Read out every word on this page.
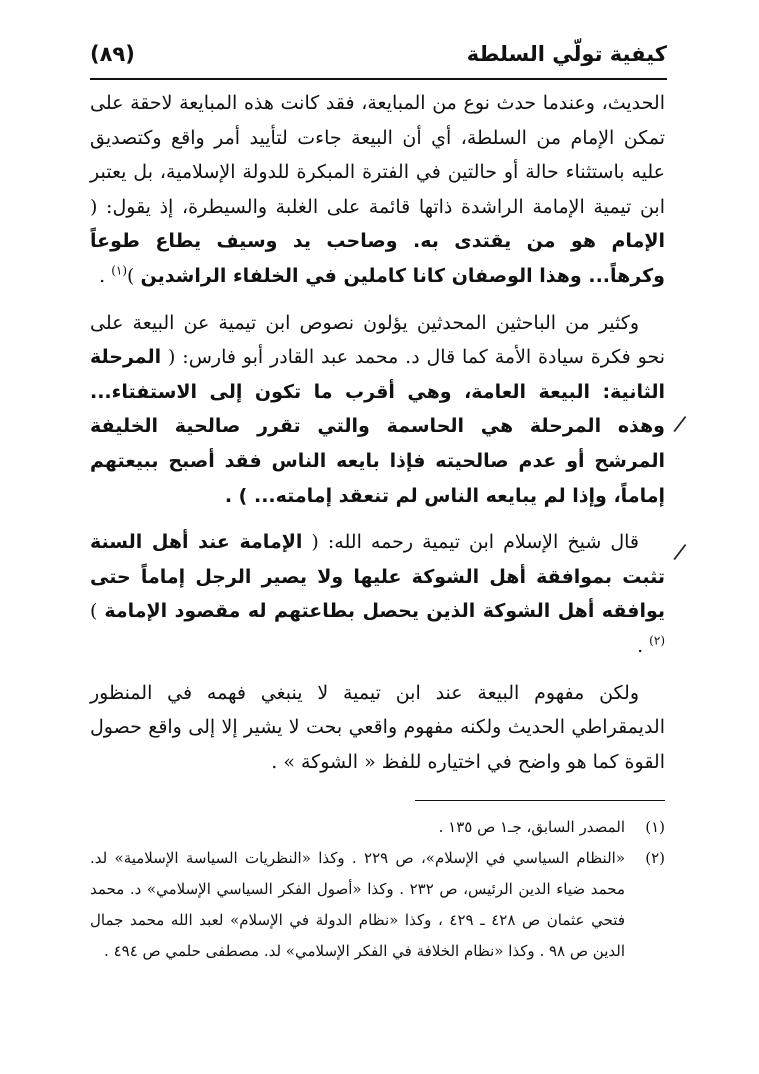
كيفية تولّي السلطة
(٨٩)

الحديث، وعندما حدث نوع من المبايعة، فقد كانت هذه المبايعة لاحقة على تمكن الإمام من السلطة، أي أن البيعة جاءت لتأييد أمر واقع وكتصديق عليه باستثناء حالة أو حالتين في الفترة المبكرة للدولة الإسلامية، بل يعتبر ابن تيمية الإمامة الراشدة ذاتها قائمة على الغلبة والسيطرة، إذ يقول: ( الإمام هو من يقتدى به. وصاحب يد وسيف يطاع طوعاً وكرهاً... وهذا الوصفان كانا كاملين في الخلفاء الراشدين )$^{(١)}$ .

وكثير من الباحثين المحدثين يؤلون نصوص ابن تيمية عن البيعة على نحو فكرة سيادة الأمة كما قال د. محمد عبد القادر أبو فارس: ( المرحلة الثانية: البيعة العامة، وهي أقرب ما تكون إلى الاستفتاء... وهذه المرحلة هي الحاسمة والتي تقرر صالحية الخليفة المرشح أو عدم صالحيته فإذا بايعه الناس فقد أصبح ببيعتهم إماماً، وإذا لم يبايعه الناس لم تنعقد إمامته... ) .

قال شيخ الإسلام ابن تيمية رحمه الله: ( الإمامة عند أهل السنة تثبت بموافقة أهل الشوكة عليها ولا يصير الرجل إماماً حتى يوافقه أهل الشوكة الذين يحصل بطاعتهم له مقصود الإمامة )$^{(٢)}$ .

ولكن مفهوم البيعة عند ابن تيمية لا ينبغي فهمه في المنظور الديمقراطي الحديث ولكنه مفهوم واقعي بحت لا يشير إلا إلى واقع حصول القوة كما هو واضح في اختياره للفظ « الشوكة » .

/
/
(١)
المصدر السابق، جـ١ ص ١٣٥ .
(٢)
«النظام السياسي في الإسلام»، ص ٢٢٩ . وكذا «النظريات السياسة الإسلامية» لد. محمد ضياء الدين الرئيس، ص ٢٣٢ . وكذا «أصول الفكر السياسي الإسلامي» د. محمد فتحي عثمان ص ٤٢٨ ـ ٤٢٩ ، وكذا «نظام الدولة في الإسلام» لعبد الله محمد جمال الدين ص ٩٨ . وكذا «نظام الخلافة في الفكر الإسلامي» لد. مصطفى حلمي ص ٤٩٤ .
